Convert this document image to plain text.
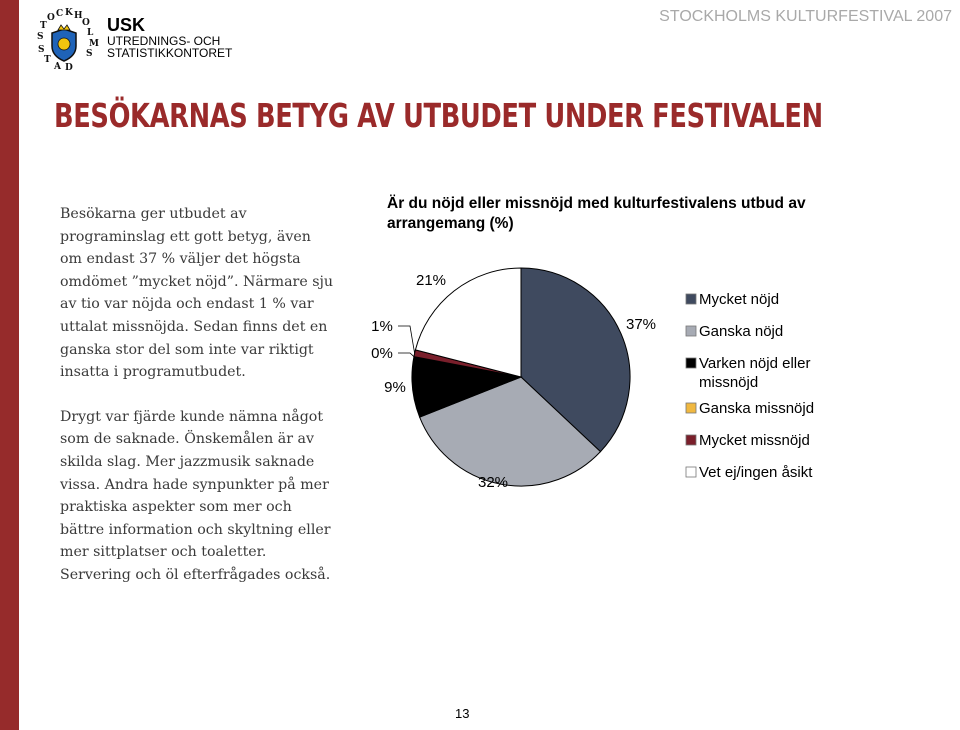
S
T
O C K H
O
L
M
S
S
T
A D
USK
UTREDNINGS- OCH
STATISTIKKONTORET
STOCKHOLMS KULTURFESTIVAL 2007
BESÖKARNAS BETYG AV UTBUDET UNDER FESTIVALEN

Besökarna ger utbudet av programinslag ett gott betyg, även om endast 37 % väljer det högsta omdömet ”mycket nöjd”. Närmare sju av tio var nöjda och endast 1 % var uttalat missnöjda. Sedan finns det en ganska stor del som inte var riktigt insatta i programutbudet.

Drygt var fjärde kunde nämna något som de saknade. Önskemålen är av skilda slag. Mer jazzmusik saknade vissa. Andra hade synpunkter på mer praktiska aspekter som mer och bättre information och skyltning eller mer sittplatser och toaletter. Servering och öl efterfrågades också.

Är du nöjd eller missnöjd med kulturfestivalens utbud av arrangemang (%)
37%
32%
9%
0%
1%
21%
Mycket nöjd
Ganska nöjd
Varken nöjd eller
missnöjd
Ganska missnöjd
Mycket missnöjd
Vet ej/ingen åsikt
13
